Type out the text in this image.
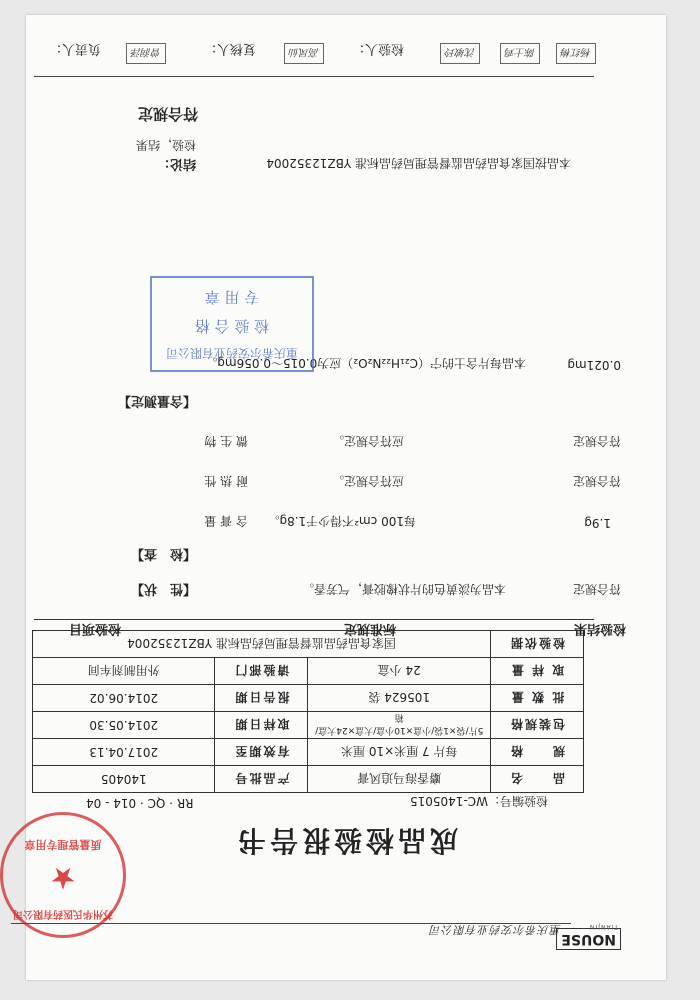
NOUSE
TIANJIN
重庆希尔安药业有限公司
苏州华氏医药有限公司
★
质量管理专用章	成品检验报告书
检验编号：WC-1405015
RR · QC · 014 - 04
品　　名	麝香海马追风膏	产品批号	140405
规　　格	每片 7 厘米×10 厘米	有效期至	2017.04.13
包装规格	5片/袋×1袋/小盒×10小盒/大盒×24大盒/箱	取样日期	2014.05.30
批 数 量	105624 袋	报告日期	2014.06.02
取 样 量	24 小盒	请验部门	外用制剂车间
检验依据	国家食品药品监督管理局药品标准 YBZ12352004		
检验项目	标准规定	检验结果
【性　状】	本品为淡黄色的片状橡胶膏，气芳香。	符合规定
【检　查】
含 膏 量 每100 cm²不得少于1.8g。	1.9g
耐 热 性	应符合规定。	符合规定
微 生 物	应符合规定。	符合规定
【含量测定】
本品每片含士的宁（C₂₁H₂₂N₂O₂）应为0.015～0.056mg。	0.021mg
重庆希尔安药业有限公司
检 验 合 格
专 用 章
结论：	本品按国家食品药品监督管理局药品标准 YBZ12352004
检验，结果
符合规定
负责人：	曾润泽	复核人：	高凤仙	检验人：	沈敏玲	陈士鸡	杨红梅
